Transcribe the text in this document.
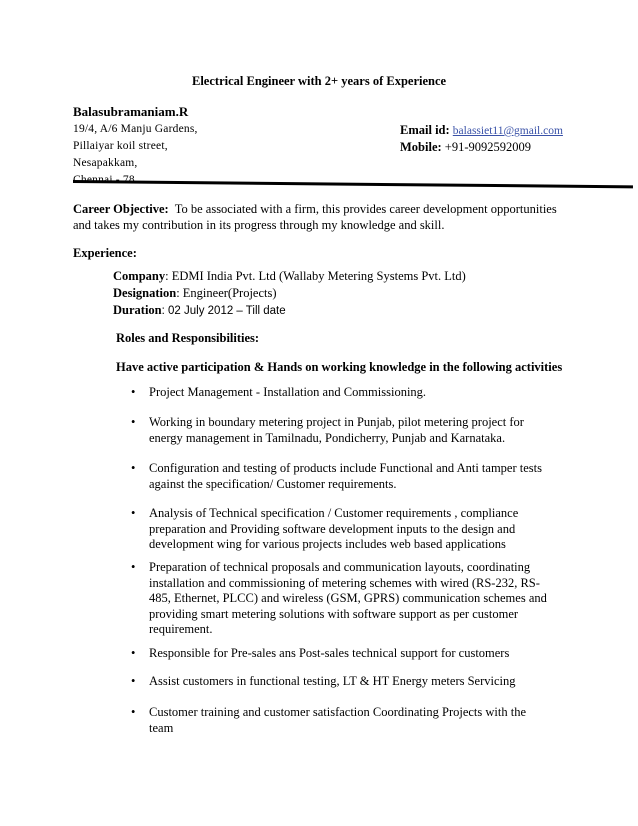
Electrical Engineer with 2+ years of Experience
Balasubramaniam.R
19/4, A/6 Manju Gardens,
Pillaiyar koil street,
Nesapakkam,
Email id: balassiet11@gmail.com
Mobile: +91-9092592009
Career Objective: To be associated with a firm, this provides career development opportunities
and takes my contribution in its progress through my knowledge and skill.
Experience:
Company: EDMI India Pvt. Ltd (Wallaby Metering Systems Pvt. Ltd)
Designation: Engineer(Projects)
Duration: 02 July 2012 – Till date
Roles and Responsibilities:
Have active participation & Hands on working knowledge in the following activities
• Project Management - Installation and Commissioning.
• Working in boundary metering project in Punjab, pilot metering project for
energy management in Tamilnadu, Pondicherry, Punjab and Karnataka.
• Configuration and testing of products include Functional and Anti tamper tests
against the specification/ Customer requirements.
• Analysis of Technical specification / Customer requirements , compliance
preparation and Providing software development inputs to the design and
development wing for various projects includes web based applications
• Preparation of technical proposals and communication layouts, coordinating
installation and commissioning of metering schemes with wired (RS-232, RS-
485, Ethernet, PLCC) and wireless (GSM, GPRS) communication schemes and
providing smart metering solutions with software support as per customer
requirement.
• Responsible for Pre-sales ans Post-sales technical support for customers
• Assist customers in functional testing, LT & HT Energy meters Servicing
• Customer training and customer satisfaction Coordinating Projects with the
team
